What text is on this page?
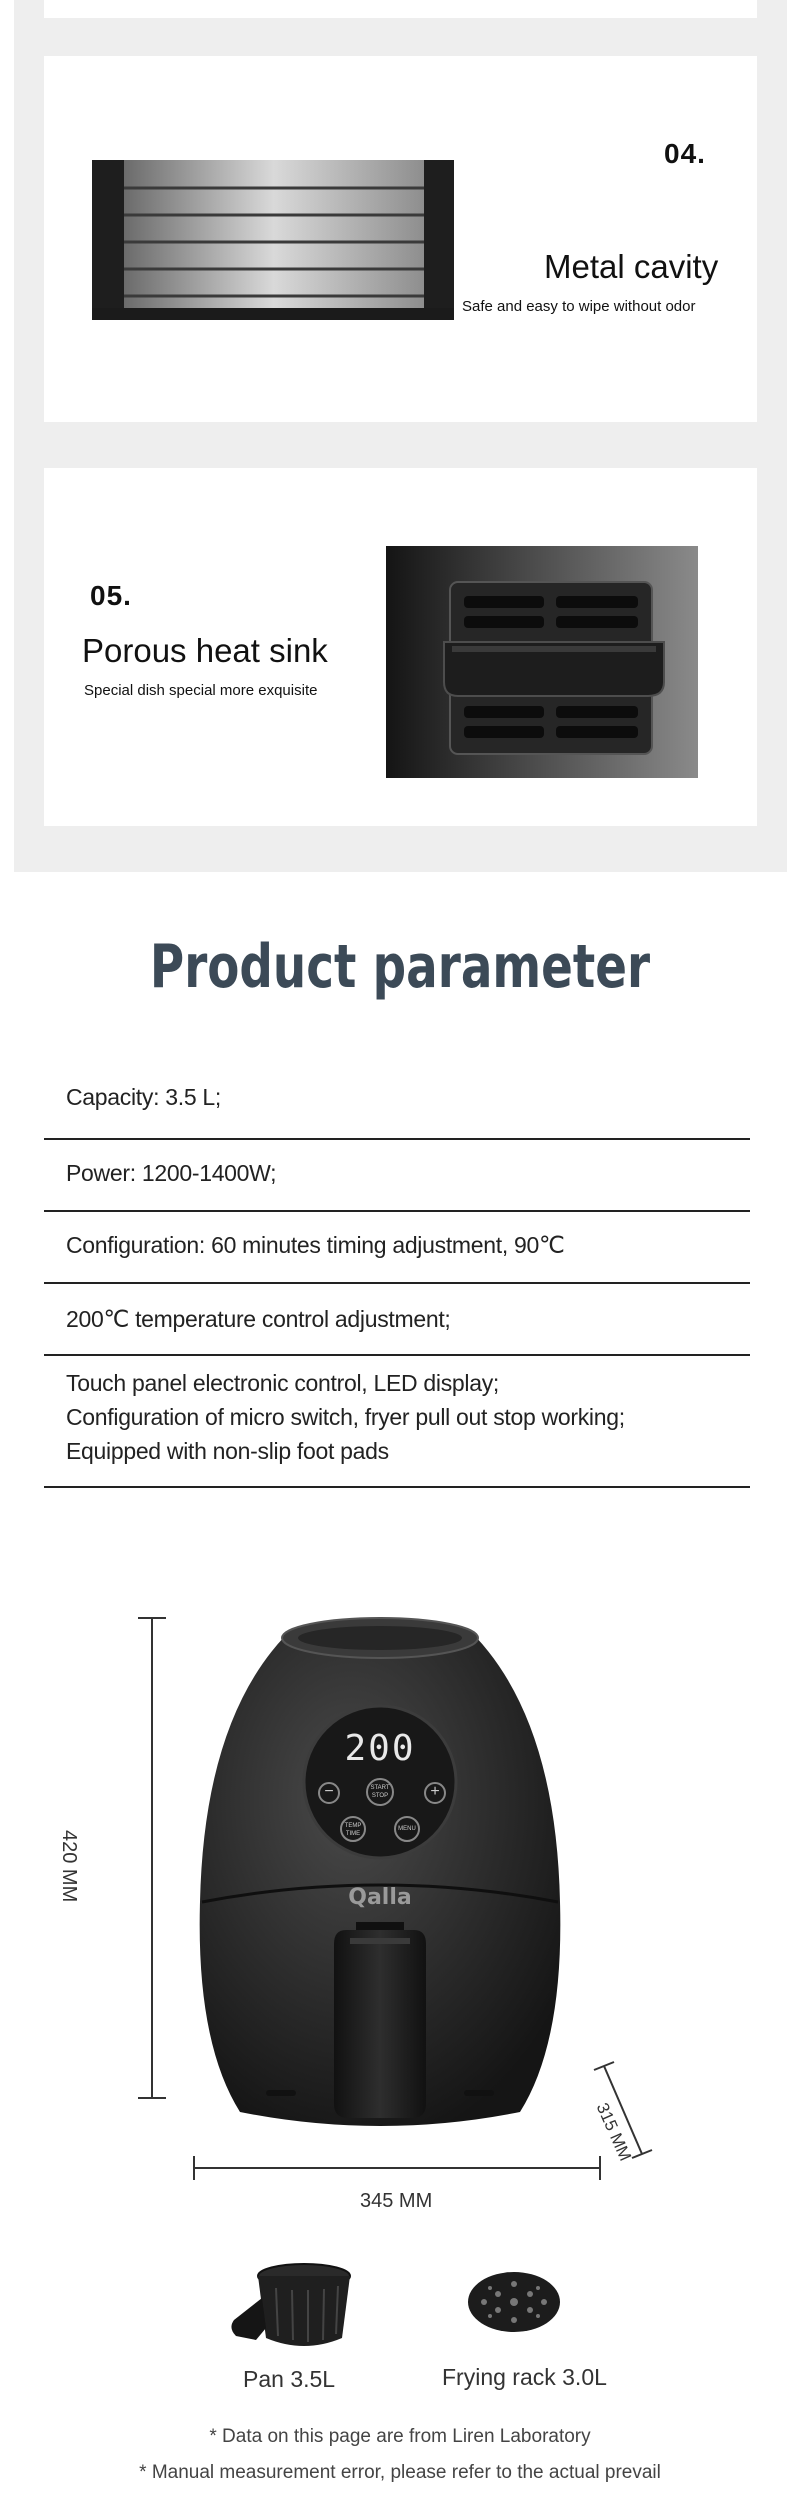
04.
Metal cavity
Safe and easy to wipe without odor
05.
Porous heat sink
Special dish special more exquisite
Product parameter
Capacity: 3.5 L;
Power: 1200-1400W;
Configuration: 60 minutes timing adjustment, 90℃
200℃ temperature control adjustment;
Touch panel electronic control, LED display;
Configuration of micro switch, fryer pull out stop working;
Equipped with non-slip foot pads
420 MM
345 MM
315 MM
Qalla
200
−	+
START STOP
TEMP TIME
MENU
Pan 3.5L	Frying rack 3.0L
* Data on this page are from Liren Laboratory
* Manual measurement error, please refer to the actual prevail
